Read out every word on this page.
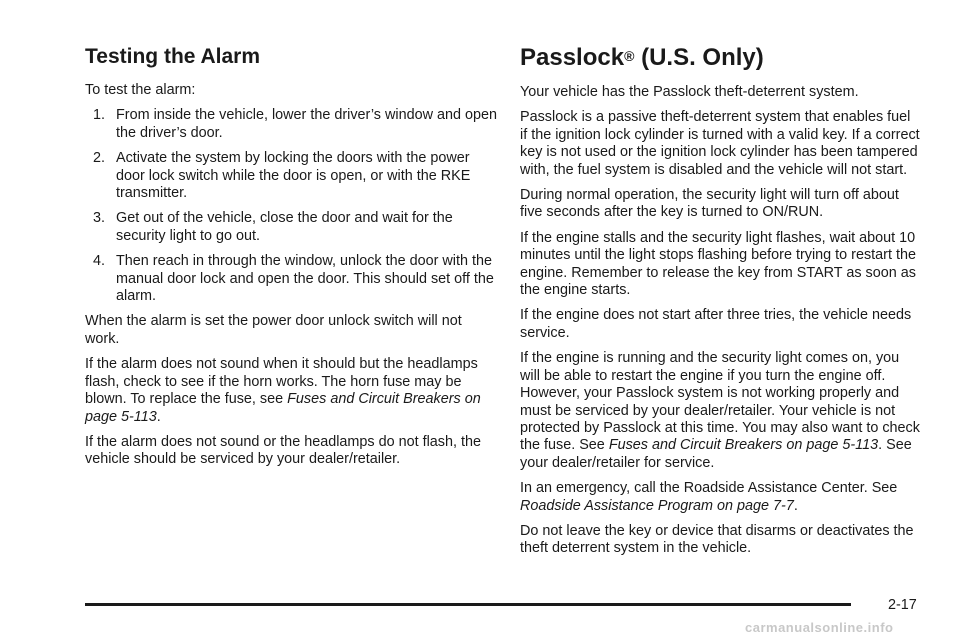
Testing the Alarm

To test the alarm:

1. From inside the vehicle, lower the driver’s window and open the driver’s door.
2. Activate the system by locking the doors with the power door lock switch while the door is open, or with the RKE transmitter.
3. Get out of the vehicle, close the door and wait for the security light to go out.
4. Then reach in through the window, unlock the door with the manual door lock and open the door. This should set off the alarm.

When the alarm is set the power door unlock switch will not work.

If the alarm does not sound when it should but the headlamps flash, check to see if the horn works. The horn fuse may be blown. To replace the fuse, see Fuses and Circuit Breakers on page 5-113.

If the alarm does not sound or the headlamps do not flash, the vehicle should be serviced by your dealer/retailer.

Passlock® (U.S. Only)

Your vehicle has the Passlock theft-deterrent system.

Passlock is a passive theft-deterrent system that enables fuel if the ignition lock cylinder is turned with a valid key. If a correct key is not used or the ignition lock cylinder has been tampered with, the fuel system is disabled and the vehicle will not start.

During normal operation, the security light will turn off about five seconds after the key is turned to ON/RUN.

If the engine stalls and the security light flashes, wait about 10 minutes until the light stops flashing before trying to restart the engine. Remember to release the key from START as soon as the engine starts.

If the engine does not start after three tries, the vehicle needs service.

If the engine is running and the security light comes on, you will be able to restart the engine if you turn the engine off. However, your Passlock system is not working properly and must be serviced by your dealer/retailer. Your vehicle is not protected by Passlock at this time. You may also want to check the fuse. See Fuses and Circuit Breakers on page 5-113. See your dealer/retailer for service.

In an emergency, call the Roadside Assistance Center. See Roadside Assistance Program on page 7-7.

Do not leave the key or device that disarms or deactivates the theft deterrent system in the vehicle.

2-17
carmanualsonline.info
